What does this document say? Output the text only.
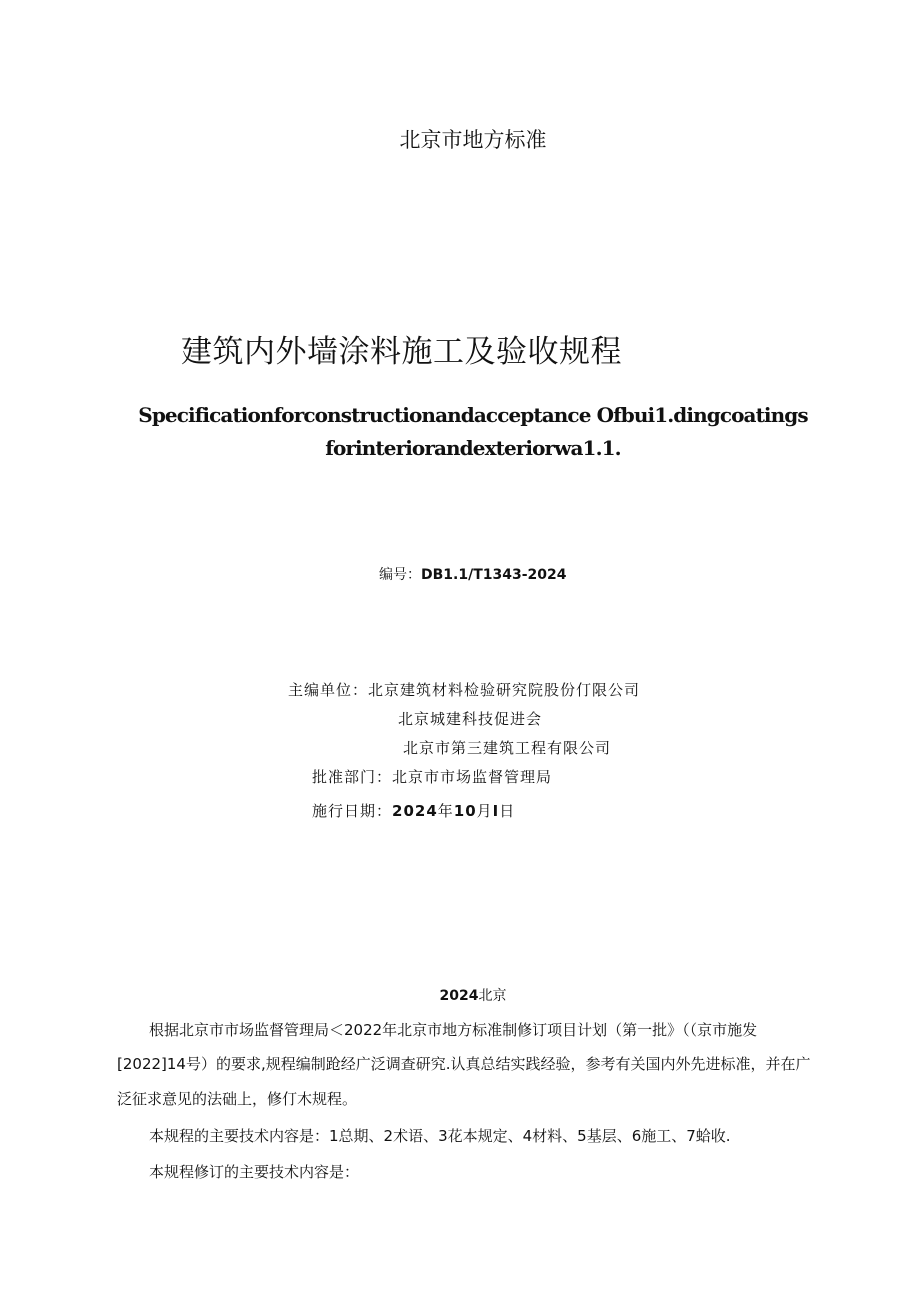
北京市地方标准
建筑内外墙涂料施工及验收规程
Specificationforconstructionandacceptance Ofbui1.dingcoatings
forinteriorandexteriorwa1.1.
编号：DB1.1/T1343-2024
主编单位：北京建筑材料检验研究院股份仃限公司
北京城建科技促进会
北京市第三建筑工程有限公司
批准部门：北京市市场监督管理局
施行日期：2024年10月I日
2024北京
根据北京市市场监督管理局＜2022年北京市地方标准制修订项目计划（第一批》（（京市施发
[2022]14号）的要求,规程编制跄经广泛调查研究.认真总结实践经验，参考有关国内外先进标准，并在广
泛征求意见的法础上，修仃木规程。
本规程的主要技术内容是：1总期、2术语、3花本规定、4材料、5基层、6施工、7蛤收.
本规程修订的主要技术内容是：
